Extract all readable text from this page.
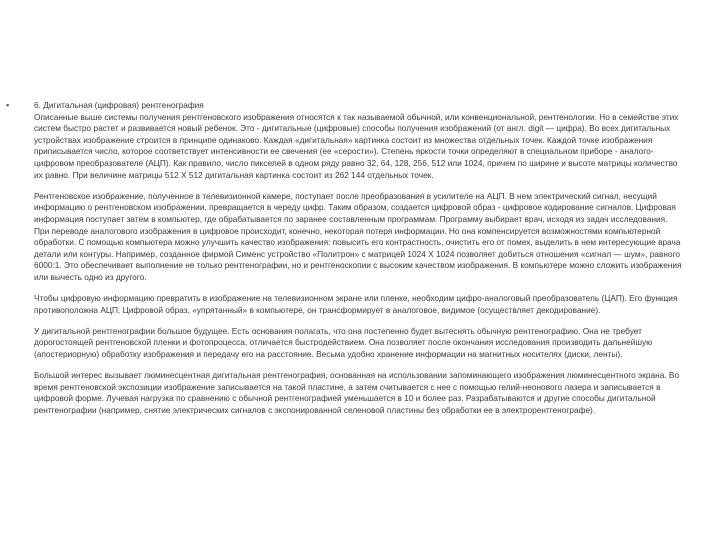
▪	6. Дигитальная (цифровая) рентгенография

Описанные выше системы получения рентгеновского изображения относятся к так называемой обычной, или конвенциональной, рентгенологии. Но в семействе этих систем быстро растет и развивается новый ребенок. Это - дигитальные (цифровые) способы получения изображений (от англ. digit — цифра). Во всех дигитальных устройствах изображение строится в принципе одинаково. Каждая «дигитальная» картинка состоит из множества отдельных точек. Каждой точке изображения приписывается число, которое соответствует интенсивности ее свечения (ее «серости»). Степень яркости точки определяют в специальном приборе - аналого-цифровом преобразователе (АЦП). Как правило, число пикселей в одном ряду равно 32, 64, 128, 256, 512 или 1024, причем по ширине и высоте матрицы количество их равно. При величине матрицы 512 X 512 дигитальная картинка состоит из 262 144 отдельных точек.

Рентгеновское изображение, полученное в телевизионной камере, поступает после преобразования в усилителе на АЦП. В нем электрический сигнал, несущий информацию о рентгеновском изображении, превращается в череду цифр. Таким образом, создается цифровой образ - цифровое кодирование сигналов. Цифровая информация поступает затем в компьютер, где обрабатывается по заранее составленным программам. Программу выбирает врач, исходя из задач исследования. При переводе аналогового изображения в цифровое происходит, конечно, некоторая потеря информации. Но она компенсируется возможностями компьютерной обработки. С помощью компьютера можно улучшить качество изображения: повысить его контрастность, очистить его от помех, выделить в нем интересующие врача детали или контуры. Например, созданное фирмой Сименс устройство «Политрон» с матрицей 1024 X 1024 позволяет добиться отношения «сигнал — шум», равного 6000:1. Это обеспечивает выполнение не только рентгенографии, но и рентгеноскопии с высоким качеством изображения. В компьютере можно сложить изображения или вычесть одно из другого.

Чтобы цифровую информацию превратить в изображение на телевизионном экране или пленке, необходим цифро-аналоговый преобразователь (ЦАП). Его функция противоположна АЦП. Цифровой образ, «упрятанный» в компьютере, он трансформирует в аналоговое, видимое (осуществляет декодирование).

У дигитальной рентгенографии большое будущее. Есть основания полагать, что она постепенно будет вытеснять обычную рентгенографию. Она не требует дорогостоящей рентгеновской пленки и фотопроцесса, отличается быстродействием. Она позволяет после окончания исследования производить дальнейшую (апостериорную) обработку изображения и передачу его на расстояние. Весьма удобно хранение информации на магнитных носителях (диски, ленты).

Большой интерес вызывает люминесцентная дигитальная рентгенография, основанная на использовании запоминающего изображения люминесцентного экрана. Во время рентгеновской экспозиции изображение записывается на такой пластине, а затем считывается с нее с помощью гелий-неонового лазера и записывается в цифровой форме. Лучевая нагрузка по сравнению с обычной рентгенографией уменьшается в 10 и более раз. Разрабатываются и другие способы дигитальной рентгенографии (например, снятие электрических сигналов с экспонированной селеновой пластины без обработки ее в электрорентгенографе).
